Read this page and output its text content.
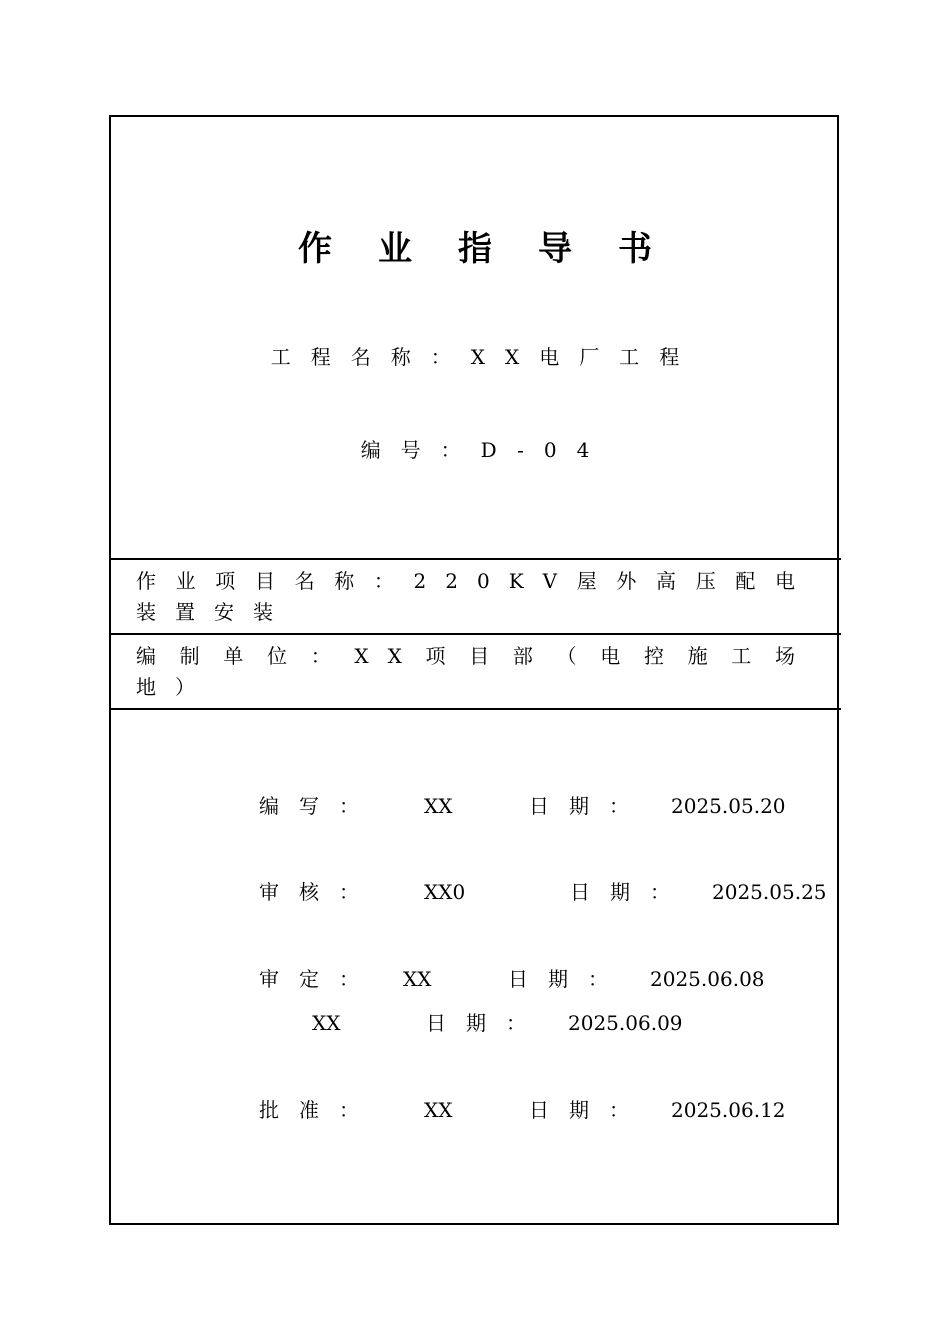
作业指导书
工程名称：XX电厂工程
编号：D-04
作业项目名称：220KV屋外高压配电装置安装
编制单位：XX项目部（电控施工场地）
编写： XX	日期： 2025.05.20
审核： XX0	日期： 2025.05.25
审定： XX	日期： 2025.06.08
XX	日期： 2025.06.09
批准： XX	日期： 2025.06.12
